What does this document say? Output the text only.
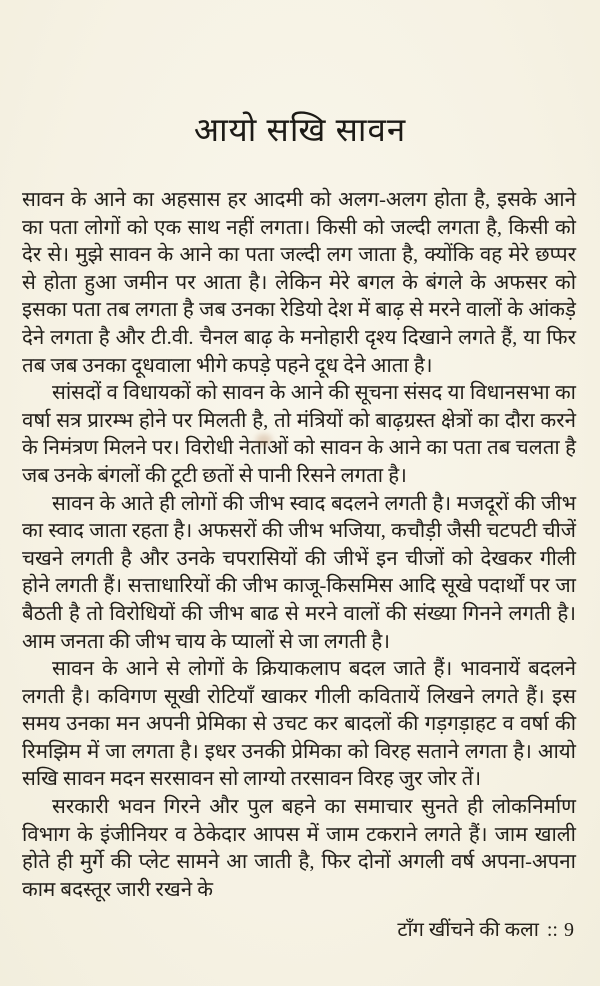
आयो सखि सावन

सावन के आने का अहसास हर आदमी को अलग-अलग होता है, इसके आने का पता लोगों को एक साथ नहीं लगता। किसी को जल्दी लगता है, किसी को देर से। मुझे सावन के आने का पता जल्दी लग जाता है, क्योंकि वह मेरे छप्पर से होता हुआ जमीन पर आता है। लेकिन मेरे बगल के बंगले के अफसर को इसका पता तब लगता है जब उनका रेडियो देश में बाढ़ से मरने वालों के आंकड़े देने लगता है और टी.वी. चैनल बाढ़ के मनोहारी दृश्य दिखाने लगते हैं, या फिर तब जब उनका दूधवाला भीगे कपड़े पहने दूध देने आता है।

सांसदों व विधायकों को सावन के आने की सूचना संसद या विधानसभा का वर्षा सत्र प्रारम्भ होने पर मिलती है, तो मंत्रियों को बाढ़ग्रस्त क्षेत्रों का दौरा करने के निमंत्रण मिलने पर। विरोधी नेताओं को सावन के आने का पता तब चलता है जब उनके बंगलों की टूटी छतों से पानी रिसने लगता है।

सावन के आते ही लोगों की जीभ स्वाद बदलने लगती है। मजदूरों की जीभ का स्वाद जाता रहता है। अफसरों की जीभ भजिया, कचौड़ी जैसी चटपटी चीजें चखने लगती है और उनके चपरासियों की जीभें इन चीजों को देखकर गीली होने लगती हैं। सत्ताधारियों की जीभ काजू-किसमिस आदि सूखे पदार्थों पर जा बैठती है तो विरोधियों की जीभ बाढ से मरने वालों की संख्या गिनने लगती है। आम जनता की जीभ चाय के प्यालों से जा लगती है।

सावन के आने से लोगों के क्रियाकलाप बदल जाते हैं। भावनायें बदलने लगती है। कविगण सूखी रोटियाँ खाकर गीली कवितायें लिखने लगते हैं। इस समय उनका मन अपनी प्रेमिका से उचट कर बादलों की गड़गड़ाहट व वर्षा की रिमझिम में जा लगता है। इधर उनकी प्रेमिका को विरह सताने लगता है। आयो सखि सावन मदन सरसावन सो लाग्यो तरसावन विरह जुर जोर तें।

सरकारी भवन गिरने और पुल बहने का समाचार सुनते ही लोकनिर्माण विभाग के इंजीनियर व ठेकेदार आपस में जाम टकराने लगते हैं। जाम खाली होते ही मुर्गे की प्लेट सामने आ जाती है, फिर दोनों अगली वर्ष अपना-अपना काम बदस्तूर जारी रखने के

टाँग खींचने की कला :: 9
